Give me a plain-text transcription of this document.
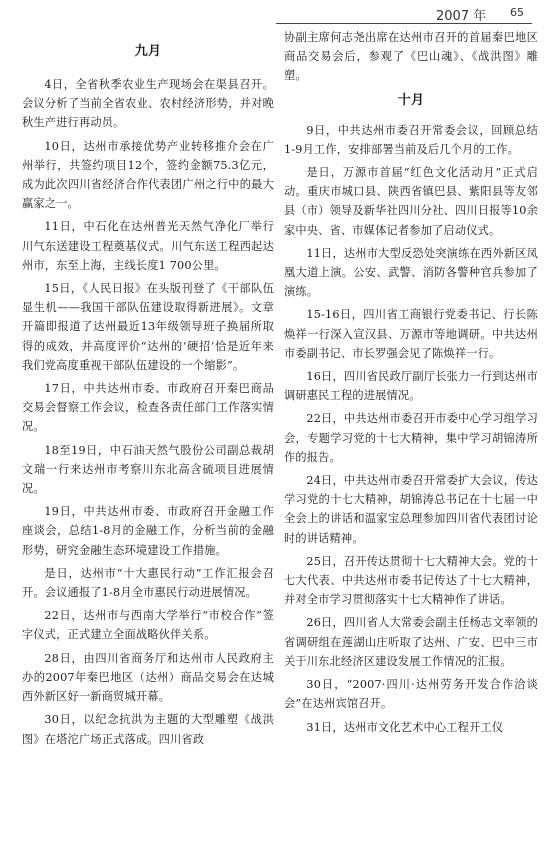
2007 年 65
九月

4日，全省秋季农业生产现场会在渠县召开。会议分析了当前全省农业、农村经济形势，并对晚秋生产进行再动员。

10日，达州市承接优势产业转移推介会在广州举行，共签约项目12个，签约金额75.3亿元，成为此次四川省经济合作代表团广州之行中的最大赢家之一。

11日，中石化在达州普光天然气净化厂举行川气东送建设工程奠基仪式。川气东送工程西起达州市，东至上海，主线长度1 700公里。

15日，《人民日报》在头版刊登了《干部队伍显生机——我国干部队伍建设取得新进展》。文章开篇即报道了达州最近13年级领导班子换届所取得的成效，并高度评价“达州的‘硬招’恰是近年来我们党高度重视干部队伍建设的一个缩影”。

17日，中共达州市委、市政府召开秦巴商品交易会督察工作会议，检查各责任部门工作落实情况。

18至19日，中石油天然气股份公司副总裁胡文瑞一行来达州市考察川东北高含硫项目进展情况。

19日，中共达州市委、市政府召开金融工作座谈会，总结1-8月的金融工作，分析当前的金融形势，研究金融生态环境建设工作措施。

是日，达州市“十大惠民行动”工作汇报会召开。会议通报了1-8月全市惠民行动进展情况。

22日，达州市与西南大学举行“市校合作”签字仪式，正式建立全面战略伙伴关系。

28日，由四川省商务厅和达州市人民政府主办的2007年秦巴地区（达州）商品交易会在达城西外新区好一新商贸城开幕。

30日，以纪念抗洪为主题的大型雕塑《战洪图》在塔沱广场正式落成。四川省政

协副主席何志尧出席在达州市召开的首届秦巴地区商品交易会后，参观了《巴山魂》、《战洪图》雕塑。

十月

9日，中共达州市委召开常委会议，回顾总结1-9月工作，安排部署当前及后几个月的工作。

是日，万源市首届“红色文化活动月”正式启动。重庆市城口县、陕西省镇巴县、紫阳县等友邻县（市）领导及新华社四川分社、四川日报等10余家中央、省、市媒体记者参加了启动仪式。

11日，达州市大型反恐处突演练在西外新区凤凰大道上演。公安、武警、消防各警种官兵参加了演练。

15-16日，四川省工商银行党委书记、行长陈焕祥一行深入宣汉县、万源市等地调研。中共达州市委副书记、市长罗强会见了陈焕祥一行。

16日，四川省民政厅副厅长张力一行到达州市调研惠民工程的进展情况。

22日，中共达州市委召开市委中心学习组学习会，专题学习党的十七大精神，集中学习胡锦涛所作的报告。

24日，中共达州市委召开常委扩大会议，传达学习党的十七大精神，胡锦涛总书记在十七届一中全会上的讲话和温家宝总理参加四川省代表团讨论时的讲话精神。

25日，召开传达贯彻十七大精神大会。党的十七大代表、中共达州市委书记传达了十七大精神，并对全市学习贯彻落实十七大精神作了讲话。

26日，四川省人大常委会副主任杨志文率领的省调研组在莲湖山庄听取了达州、广安、巴中三市关于川东北经济区建设发展工作情况的汇报。

30日，“2007·四川·达州劳务开发合作洽谈会”在达州宾馆召开。

31日，达州市文化艺术中心工程开工仪
